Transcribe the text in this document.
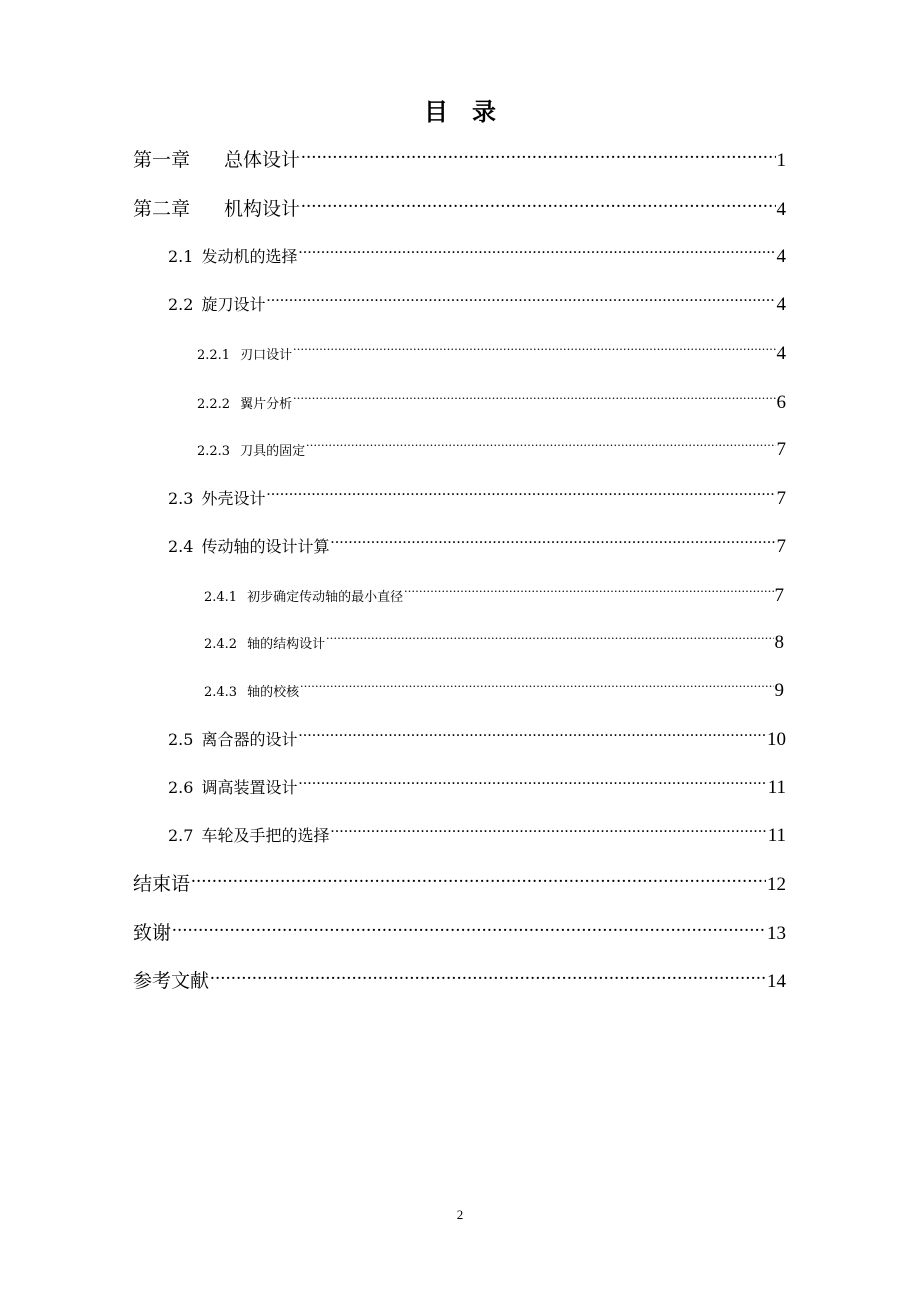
目录
第一章 总体设计 .....	1
第二章 机构设计 .....	4
2.1 发动机的选择 .....	4
2.2 旋刀设计 .....	4
2.2.1 刃口设计 .....	4
2.2.2 翼片分析 .....	6
2.2.3 刀具的固定 .....	7
2.3 外壳设计 .....	7
2.4 传动轴的设计计算 .....	7
2.4.1 初步确定传动轴的最小直径 .....	7
2.4.2 轴的结构设计 .....	8
2.4.3 轴的校核 .....	9
2.5 离合器的设计 .....	10
2.6 调高装置设计 .....	11
2.7 车轮及手把的选择 .....	11
结束语 .....	12
致谢 .....	13
参考文献 .....	14
2
